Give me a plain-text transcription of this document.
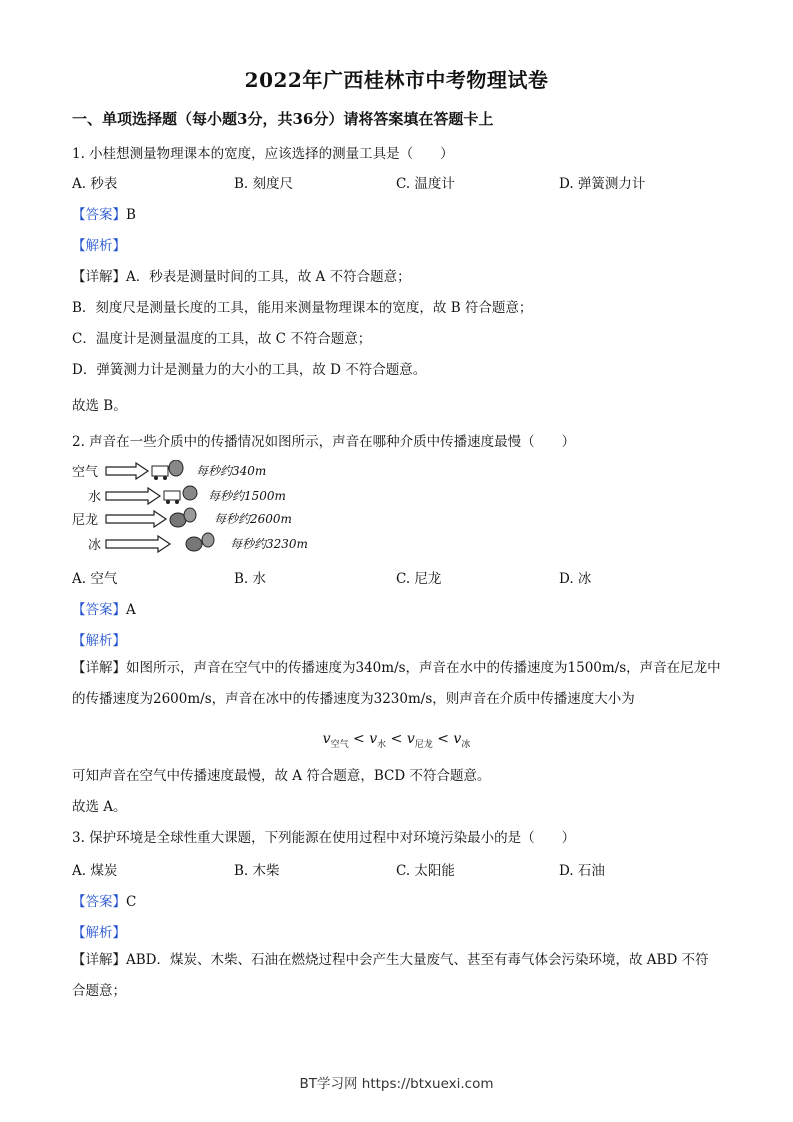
2022年广西桂林市中考物理试卷
一、单项选择题（每小题3分，共36分）请将答案填在答题卡上
1. 小桂想测量物理课本的宽度，应该选择的测量工具是（　　）
A. 秒表	B. 刻度尺	C. 温度计	D. 弹簧测力计
【答案】B
【解析】
【详解】A．秒表是测量时间的工具，故 A 不符合题意；
B．刻度尺是测量长度的工具，能用来测量物理课本的宽度，故 B 符合题意；
C．温度计是测量温度的工具，故 C 不符合题意；
D．弹簧测力计是测量力的大小的工具，故 D 不符合题意。
故选 B。
2. 声音在一些介质中的传播情况如图所示，声音在哪种介质中传播速度最慢（　　）
空气	每秒约340m
水	每秒约1500m
尼龙	每秒约2600m
冰	每秒约3230m
A. 空气	B. 水	C. 尼龙	D. 冰
【答案】A
【解析】
【详解】如图所示，声音在空气中的传播速度为340m/s，声音在水中的传播速度为1500m/s，声音在尼龙中的传播速度为2600m/s，声音在冰中的传播速度为3230m/s，则声音在介质中传播速度大小为
$v_{空气} < v_水 < v_{尼龙} < v_冰$
可知声音在空气中传播速度最慢，故 A 符合题意，BCD 不符合题意。
故选 A。
3. 保护环境是全球性重大课题，下列能源在使用过程中对环境污染最小的是（　　）
A. 煤炭	B. 木柴	C. 太阳能	D. 石油
【答案】C
【解析】
【详解】ABD．煤炭、木柴、石油在燃烧过程中会产生大量废气、甚至有毒气体会污染环境，故 ABD 不符合题意；
BT学习网 https://btxuexi.com
